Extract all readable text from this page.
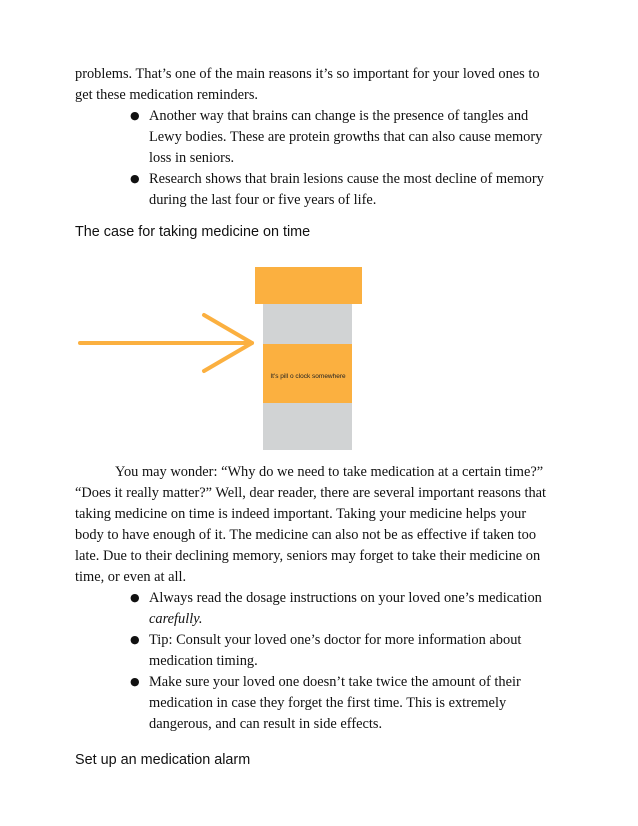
problems. That’s one of the main reasons it’s so important for your loved ones to
get these medication reminders.
● Another way that brains can change is the presence of tangles and
Lewy bodies. These are protein growths that can also cause memory
loss in seniors.
● Research shows that brain lesions cause the most decline of memory
during the last four or five years of life.
The case for taking medicine on time
It's pill o clock somewhere
You may wonder: “Why do we need to take medication at a certain time?”
“Does it really matter?” Well, dear reader, there are several important reasons that
taking medicine on time is indeed important. Taking your medicine helps your
body to have enough of it. The medicine can also not be as effective if taken too
late. Due to their declining memory, seniors may forget to take their medicine on
time, or even at all.
● Always read the dosage instructions on your loved one’s medication
carefully.
● Tip: Consult your loved one’s doctor for more information about
medication timing.
● Make sure your loved one doesn’t take twice the amount of their
medication in case they forget the first time. This is extremely
dangerous, and can result in side effects.
Set up an medication alarm
